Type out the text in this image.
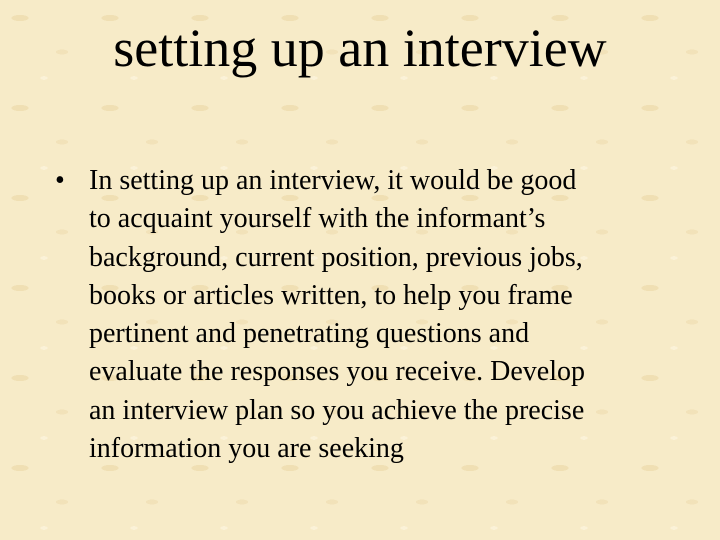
setting up an interview
• In setting up an interview, it would be good
to acquaint yourself with the informant’s
background, current position, previous jobs,
books or articles written, to help you frame
pertinent and penetrating questions and
evaluate the responses you receive. Develop
an interview plan so you achieve the precise
information you are seeking
